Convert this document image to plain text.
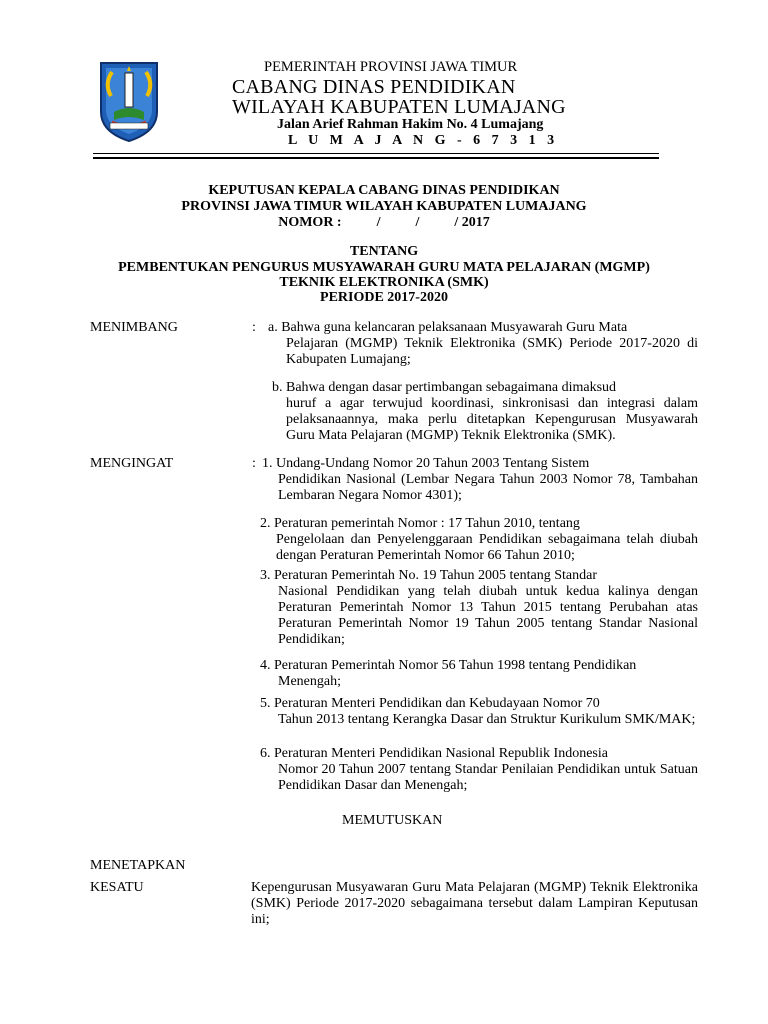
PEMERINTAH PROVINSI JAWA TIMUR
CABANG DINAS PENDIDIKAN
WILAYAH KABUPATEN LUMAJANG
Jalan Arief Rahman Hakim No. 4 Lumajang
L U M A J A N G - 6 7 3 1 3
KEPUTUSAN KEPALA CABANG DINAS PENDIDIKAN
PROVINSI JAWA TIMUR WILAYAH KABUPATEN LUMAJANG
NOMOR :          /          /          / 2017
TENTANG
PEMBENTUKAN PENGURUS MUSYAWARAH GURU MATA PELAJARAN (MGMP)
TEKNIK ELEKTRONIKA (SMK)
PERIODE 2017-2020
MENIMBANG	: a. Bahwa guna kelancaran pelaksanaan Musyawarah Guru Mata
Pelajaran (MGMP) Teknik Elektronika (SMK) Periode 2017-2020 di Kabupaten Lumajang;
b. Bahwa dengan dasar pertimbangan sebagaimana dimaksud
huruf a agar terwujud koordinasi, sinkronisasi dan integrasi dalam pelaksanaannya, maka perlu ditetapkan Kepengurusan Musyawarah Guru Mata Pelajaran (MGMP) Teknik Elektronika (SMK).
MENGINGAT	: 1. Undang-Undang Nomor 20 Tahun 2003 Tentang Sistem
Pendidikan Nasional (Lembar Negara Tahun 2003 Nomor 78, Tambahan Lembaran Negara Nomor 4301);
2. Peraturan pemerintah Nomor : 17 Tahun 2010, tentang
Pengelolaan dan Penyelenggaraan Pendidikan sebagaimana telah diubah dengan Peraturan Pemerintah Nomor 66 Tahun 2010;
3. Peraturan Pemerintah No. 19 Tahun 2005 tentang Standar
Nasional Pendidikan yang telah diubah untuk kedua kalinya dengan Peraturan Pemerintah Nomor 13 Tahun 2015 tentang Perubahan atas Peraturan Pemerintah Nomor 19 Tahun 2005 tentang Standar Nasional Pendidikan;
4. Peraturan Pemerintah Nomor 56 Tahun 1998 tentang Pendidikan
Menengah;
5. Peraturan Menteri Pendidikan dan Kebudayaan Nomor 70
Tahun 2013 tentang Kerangka Dasar dan Struktur Kurikulum SMK/MAK;
6. Peraturan Menteri Pendidikan Nasional Republik Indonesia
Nomor 20 Tahun 2007 tentang Standar Penilaian Pendidikan untuk Satuan Pendidikan Dasar dan Menengah;
MEMUTUSKAN
MENETAPKAN
KESATU	Kepengurusan Musyawaran Guru Mata Pelajaran (MGMP) Teknik Elektronika (SMK) Periode 2017-2020 sebagaimana tersebut dalam Lampiran Keputusan ini;
